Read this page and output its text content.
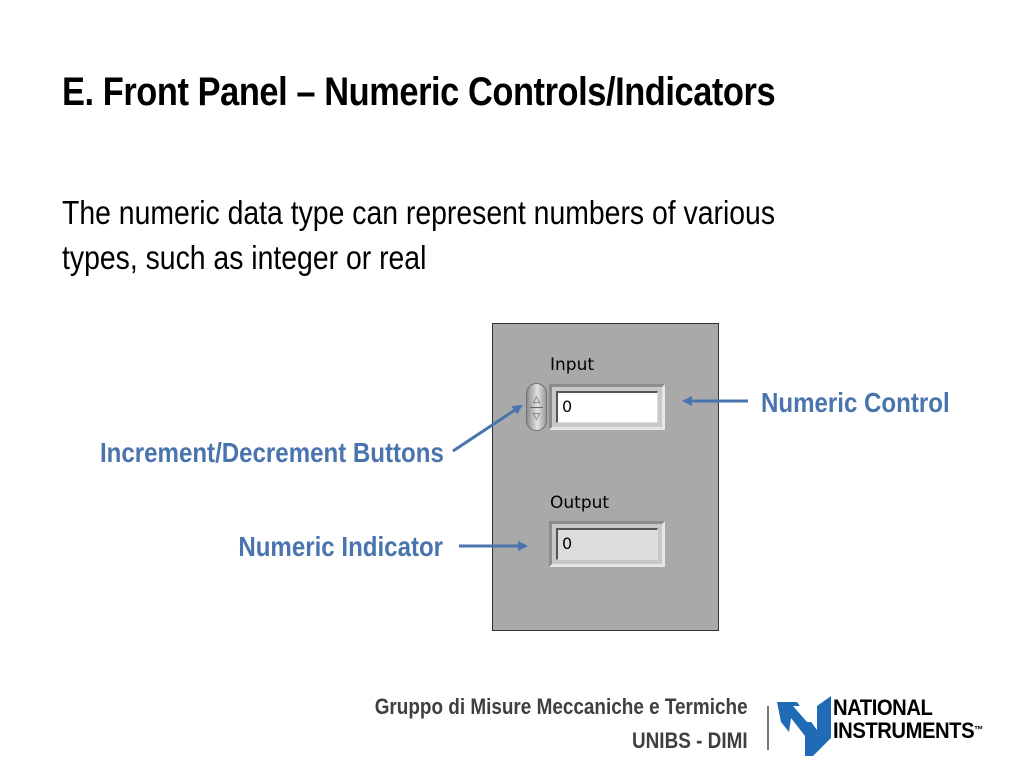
E. Front Panel – Numeric Controls/Indicators
The numeric data type can represent numbers of various
types, such as integer or real
Input
△
▽	0
Output
0
Numeric Control
Increment/Decrement Buttons
Numeric Indicator
Gruppo di Misure Meccaniche e Termiche
UNIBS - DIMI
NATIONAL
INSTRUMENTS™
